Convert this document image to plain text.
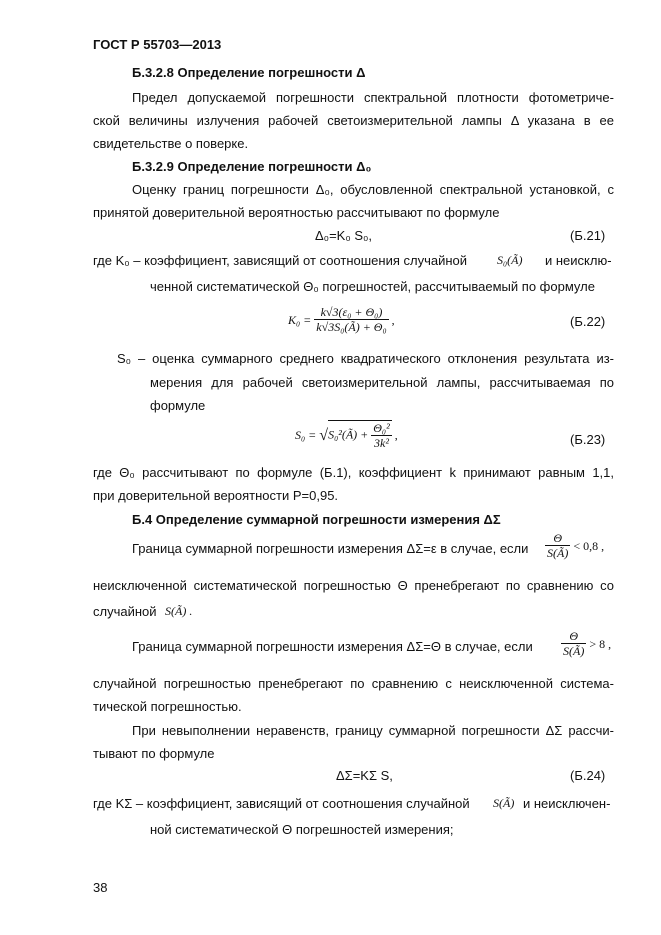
ГОСТ Р 55703—2013
Б.3.2.8 Определение погрешности Δ
Предел допускаемой погрешности спектральной плотности фотометриче-
ской величины излучения рабочей светоизмерительной лампы Δ указана в ее
свидетельстве о поверке.
Б.3.2.9 Определение погрешности Δ₀
Оценку границ погрешности Δ₀, обусловленной спектральной установкой, с
принятой доверительной вероятностью рассчитывают по формуле
Δ₀=K₀ S₀,	(Б.21)
где K₀ – коэффициент, зависящий от соотношения случайной S₀(Ã) и неисклю-
ченной систематической Θ₀ погрешностей, рассчитываемый по формуле
$K_0 = \frac{\text{k√3(ε₀ + Θ₀)}}{\text{k√3S₀(Ã) + Θ₀}}$ ,	(Б.22)
S₀ – оценка суммарного среднего квадратического отклонения результата из-
мерения для рабочей светоизмерительной лампы, рассчитываемая по
формуле
S₀ = √S₀²(Ã) + $\frac{\text{Θ₀²}}{\text{3k²}}$ ,	(Б.23)
где Θ₀ рассчитывают по формуле (Б.1), коэффициент k принимают равным 1,1,
при доверительной вероятности P=0,95.
Б.4 Определение суммарной погрешности измерения ΔΣ
Граница суммарной погрешности измерения ΔΣ=ε в случае, если $\frac{\Theta}{S(Ã)} < 0,8$ ,
неисключенной систематической погрешностью Θ пренебрегают по сравнению со
случайной S(Ã) .
Граница суммарной погрешности измерения ΔΣ=Θ в случае, если $\frac{\Theta}{S(Ã)} > 8$ ,
случайной погрешностью пренебрегают по сравнению с неисключенной система-
тической погрешностью.
При невыполнении неравенств, границу суммарной погрешности ΔΣ рассчи-
тывают по формуле
ΔΣ=KΣ S,	(Б.24)
где KΣ – коэффициент, зависящий от соотношения случайной S(Ã) и неисключен-
ной систематической Θ погрешностей измерения;
38
